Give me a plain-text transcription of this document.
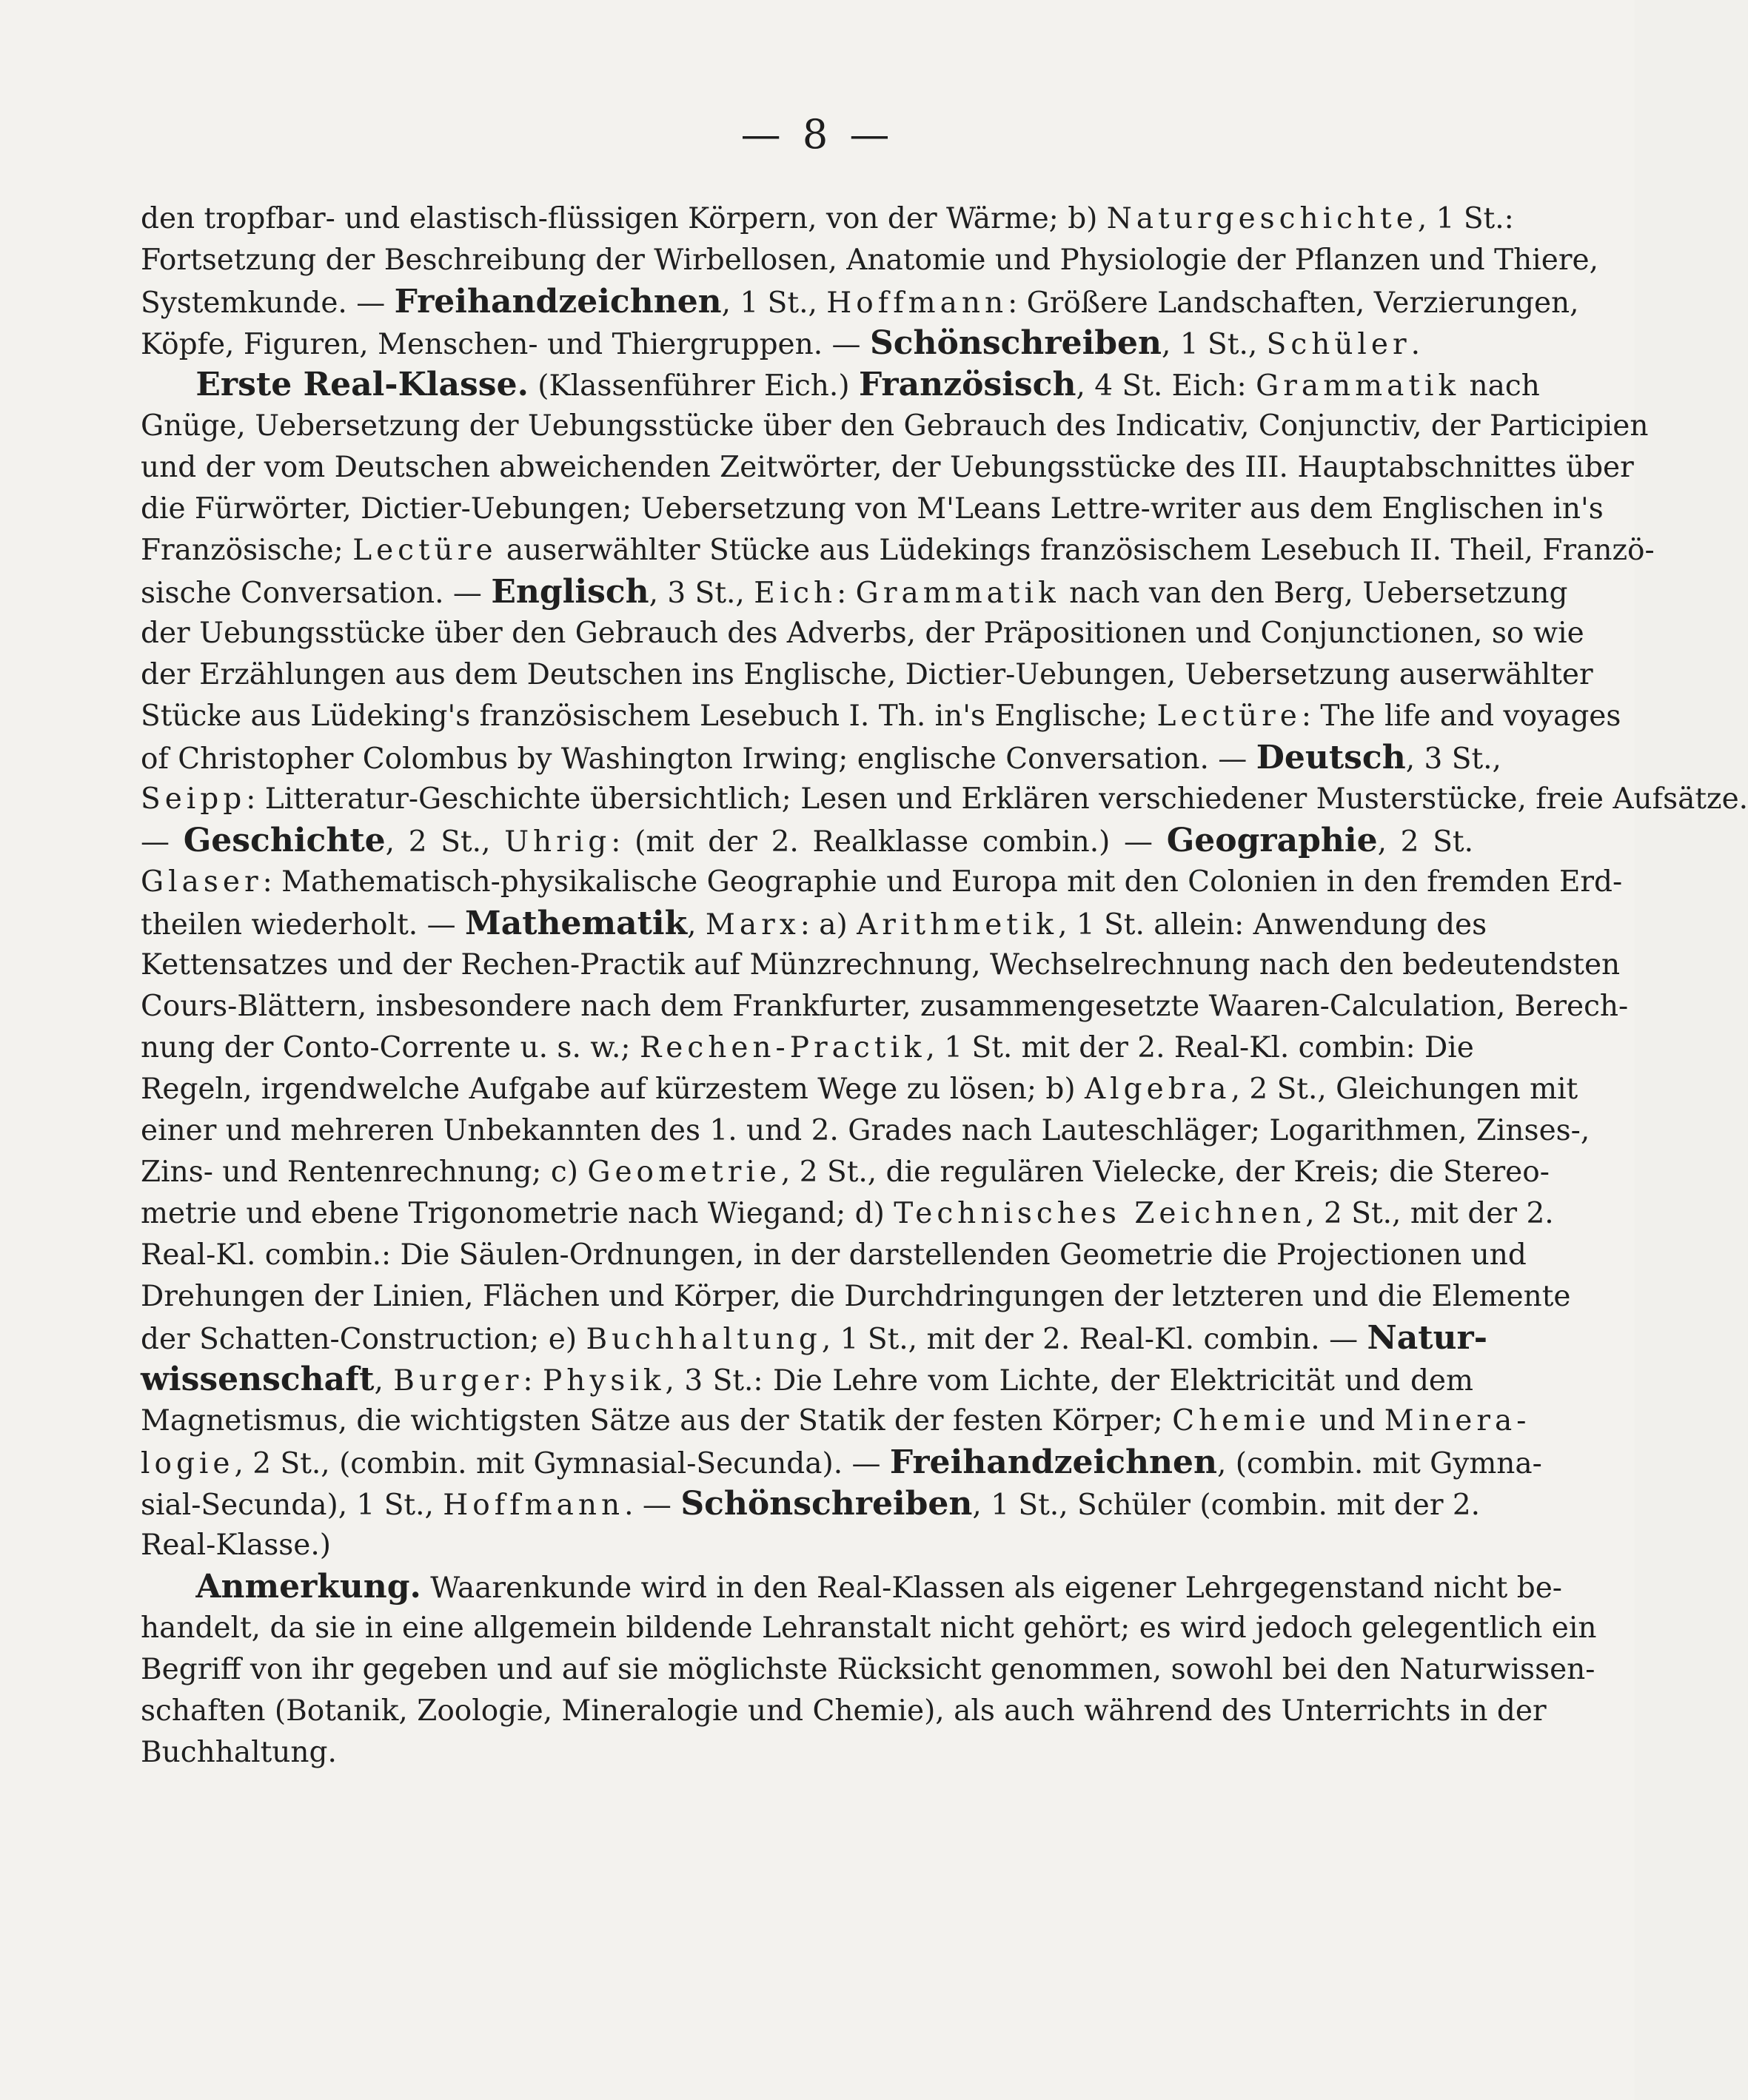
— 8 —
den tropfbar- und elastisch-flüssigen Körpern, von der Wärme; b) Naturgeschichte, 1 St.:
Fortsetzung der Beschreibung der Wirbellosen, Anatomie und Physiologie der Pflanzen und Thiere,
Systemkunde. — Freihandzeichnen, 1 St., Hoffmann: Größere Landschaften, Verzierungen,
Köpfe, Figuren, Menschen- und Thiergruppen. — Schönschreiben, 1 St., Schüler.
Erste Real-Klasse. (Klassenführer Eich.) Französisch, 4 St. Eich: Grammatik nach
Gnüge, Uebersetzung der Uebungsstücke über den Gebrauch des Indicativ, Conjunctiv, der Participien
und der vom Deutschen abweichenden Zeitwörter, der Uebungsstücke des III. Hauptabschnittes über
die Fürwörter, Dictier-Uebungen; Uebersetzung von M'Leans Lettre-writer aus dem Englischen in's
Französische; Lectüre auserwählter Stücke aus Lüdekings französischem Lesebuch II. Theil, Franzö-
sische Conversation. — Englisch, 3 St., Eich: Grammatik nach van den Berg, Uebersetzung
der Uebungsstücke über den Gebrauch des Adverbs, der Präpositionen und Conjunctionen, so wie
der Erzählungen aus dem Deutschen ins Englische, Dictier-Uebungen, Uebersetzung auserwählter
Stücke aus Lüdeking's französischem Lesebuch I. Th. in's Englische; Lectüre: The life and voyages
of Christopher Colombus by Washington Irwing; englische Conversation. — Deutsch, 3 St.,
Seipp: Litteratur-Geschichte übersichtlich; Lesen und Erklären verschiedener Musterstücke, freie Aufsätze.
— Geschichte, 2 St., Uhrig: (mit der 2. Realklasse combin.) — Geographie, 2 St.
Glaser: Mathematisch-physikalische Geographie und Europa mit den Colonien in den fremden Erd-
theilen wiederholt. — Mathematik, Marx: a) Arithmetik, 1 St. allein: Anwendung des
Kettensatzes und der Rechen-Practik auf Münzrechnung, Wechselrechnung nach den bedeutendsten
Cours-Blättern, insbesondere nach dem Frankfurter, zusammengesetzte Waaren-Calculation, Berech-
nung der Conto-Corrente u. s. w.; Rechen-Practik, 1 St. mit der 2. Real-Kl. combin: Die
Regeln, irgendwelche Aufgabe auf kürzestem Wege zu lösen; b) Algebra, 2 St., Gleichungen mit
einer und mehreren Unbekannten des 1. und 2. Grades nach Lauteschläger; Logarithmen, Zinses-,
Zins- und Rentenrechnung; c) Geometrie, 2 St., die regulären Vielecke, der Kreis; die Stereo-
metrie und ebene Trigonometrie nach Wiegand; d) Technisches Zeichnen, 2 St., mit der 2.
Real-Kl. combin.: Die Säulen-Ordnungen, in der darstellenden Geometrie die Projectionen und
Drehungen der Linien, Flächen und Körper, die Durchdringungen der letzteren und die Elemente
der Schatten-Construction; e) Buchhaltung, 1 St., mit der 2. Real-Kl. combin. — Natur-
wissenschaft, Burger: Physik, 3 St.: Die Lehre vom Lichte, der Elektricität und dem
Magnetismus, die wichtigsten Sätze aus der Statik der festen Körper; Chemie und Minera-
logie, 2 St., (combin. mit Gymnasial-Secunda). — Freihandzeichnen, (combin. mit Gymna-
sial-Secunda), 1 St., Hoffmann. — Schönschreiben, 1 St., Schüler (combin. mit der 2.
Real-Klasse.)
Anmerkung. Waarenkunde wird in den Real-Klassen als eigener Lehrgegenstand nicht be-
handelt, da sie in eine allgemein bildende Lehranstalt nicht gehört; es wird jedoch gelegentlich ein
Begriff von ihr gegeben und auf sie möglichste Rücksicht genommen, sowohl bei den Naturwissen-
schaften (Botanik, Zoologie, Mineralogie und Chemie), als auch während des Unterrichts in der
Buchhaltung.
